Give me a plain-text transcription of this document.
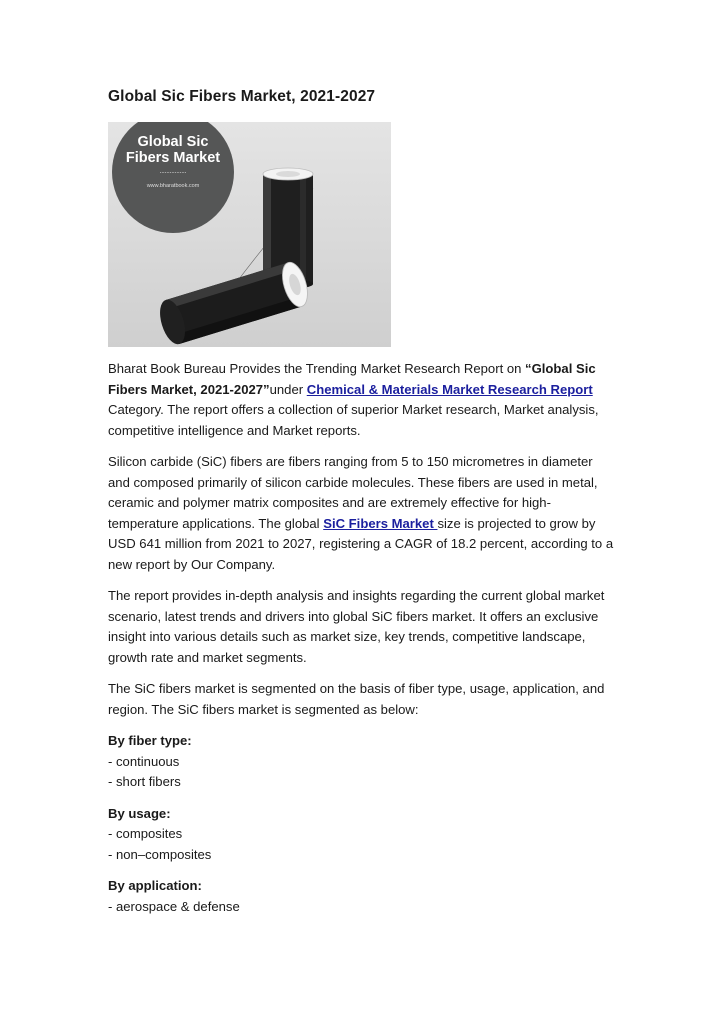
Global Sic Fibers Market, 2021-2027
Global Sic
Fibers Market
................
www.bharatbook.com

Bharat Book Bureau Provides the Trending Market Research Report on “Global Sic Fibers Market, 2021-2027”under Chemical & Materials Market Research Report Category. The report offers a collection of superior Market research, Market analysis, competitive intelligence and Market reports.

Silicon carbide (SiC) fibers are fibers ranging from 5 to 150 micrometres in diameter and composed primarily of silicon carbide molecules. These fibers are used in metal, ceramic and polymer matrix composites and are extremely effective for high-temperature applications. The global SiC Fibers Market size is projected to grow by USD 641 million from 2021 to 2027, registering a CAGR of 18.2 percent, according to a new report by Our Company.

The report provides in-depth analysis and insights regarding the current global market scenario, latest trends and drivers into global SiC fibers market. It offers an exclusive insight into various details such as market size, key trends, competitive landscape, growth rate and market segments.

The SiC fibers market is segmented on the basis of fiber type, usage, application, and region. The SiC fibers market is segmented as below:

By fiber type:
- continuous
- short fibers
By usage:
- composites
- non–composites
By application:
- aerospace & defense
